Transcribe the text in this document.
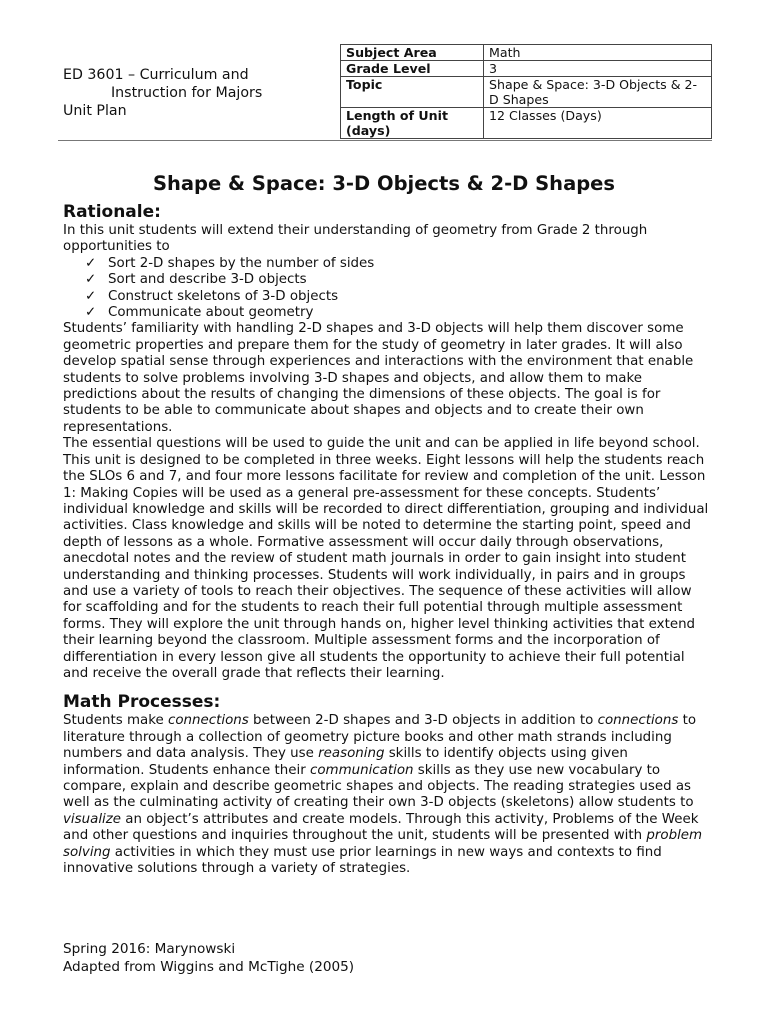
ED 3601 – Curriculum and
Instruction for Majors
Unit Plan
Subject Area	Math
Grade Level	3
Topic	Shape & Space: 3-D Objects & 2-D Shapes
Length of Unit (days)	12 Classes (Days)
Shape & Space: 3-D Objects & 2-D Shapes
Rationale:

In this unit students will extend their understanding of geometry from Grade 2 through opportunities to

✓ Sort 2-D shapes by the number of sides
✓ Sort and describe 3-D objects
✓ Construct skeletons of 3-D objects
✓ Communicate about geometry

Students’ familiarity with handling 2-D shapes and 3-D objects will help them discover some geometric properties and prepare them for the study of geometry in later grades. It will also develop spatial sense through experiences and interactions with the environment that enable students to solve problems involving 3-D shapes and objects, and allow them to make predictions about the results of changing the dimensions of these objects. The goal is for students to be able to communicate about shapes and objects and to create their own representations.

The essential questions will be used to guide the unit and can be applied in life beyond school. This unit is designed to be completed in three weeks. Eight lessons will help the students reach the SLOs 6 and 7, and four more lessons facilitate for review and completion of the unit. Lesson 1: Making Copies will be used as a general pre-assessment for these concepts. Students’ individual knowledge and skills will be recorded to direct differentiation, grouping and individual activities. Class knowledge and skills will be noted to determine the starting point, speed and depth of lessons as a whole. Formative assessment will occur daily through observations, anecdotal notes and the review of student math journals in order to gain insight into student understanding and thinking processes. Students will work individually, in pairs and in groups and use a variety of tools to reach their objectives. The sequence of these activities will allow for scaffolding and for the students to reach their full potential through multiple assessment forms. They will explore the unit through hands on, higher level thinking activities that extend their learning beyond the classroom. Multiple assessment forms and the incorporation of differentiation in every lesson give all students the opportunity to achieve their full potential and receive the overall grade that reflects their learning.

Math Processes:

Students make connections between 2-D shapes and 3-D objects in addition to connections to literature through a collection of geometry picture books and other math strands including numbers and data analysis. They use reasoning skills to identify objects using given information. Students enhance their communication skills as they use new vocabulary to compare, explain and describe geometric shapes and objects. The reading strategies used as well as the culminating activity of creating their own 3-D objects (skeletons) allow students to visualize an object’s attributes and create models. Through this activity, Problems of the Week and other questions and inquiries throughout the unit, students will be presented with problem solving activities in which they must use prior learnings in new ways and contexts to find innovative solutions through a variety of strategies.

Spring 2016: Marynowski
Adapted from Wiggins and McTighe (2005)
